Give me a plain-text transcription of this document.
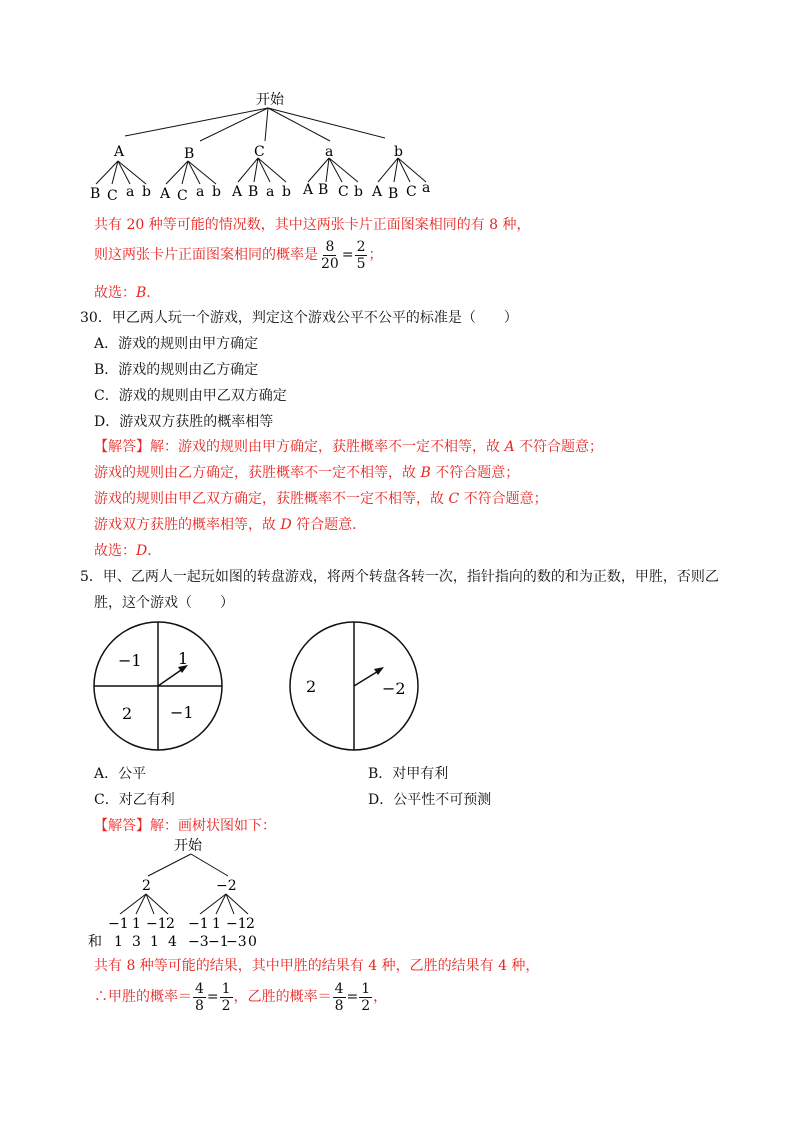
开始
A	B	C	a	b
B C a b A C a b A B a b A B C b A B C a
共有 20 种等可能的情况数，其中这两张卡片正面图案相同的有 8 种，
则这两张卡片正面图案相同的概率是 $\frac{8}{20} = \frac{2}{5}$ ；
故选：B．
30．甲乙两人玩一个游戏，判定这个游戏公平不公平的标准是（　　）
A．游戏的规则由甲方确定
B．游戏的规则由乙方确定
C．游戏的规则由甲乙双方确定
D．游戏双方获胜的概率相等
【解答】解：游戏的规则由甲方确定，获胜概率不一定不相等，故 A 不符合题意；
游戏的规则由乙方确定，获胜概率不一定不相等，故 B 不符合题意；
游戏的规则由甲乙双方确定，获胜概率不一定不相等，故 C 不符合题意；
游戏双方获胜的概率相等，故 D 符合题意．
故选：D．
5．甲、乙两人一起玩如图的转盘游戏，将两个转盘各转一次，指针指向的数的和为正数，甲胜，否则乙
胜，这个游戏（　　）
−1 1
2 −1
2	−2
A．公平	B．对甲有利
C．对乙有利	D．公平性不可预测
【解答】解：画树状图如下：
开始
2	−2
−1 1 −1 2 −1 1 −1 2
和 1 3 1 4 −3 −1
−3 0
共有 8 种等可能的结果，其中甲胜的结果有 4 种，乙胜的结果有 4 种，
∴甲胜的概率＝ $\frac{4}{8} = \frac{1}{2}$ ，乙胜的概率＝ $\frac{4}{8} = \frac{1}{2}$ ，
